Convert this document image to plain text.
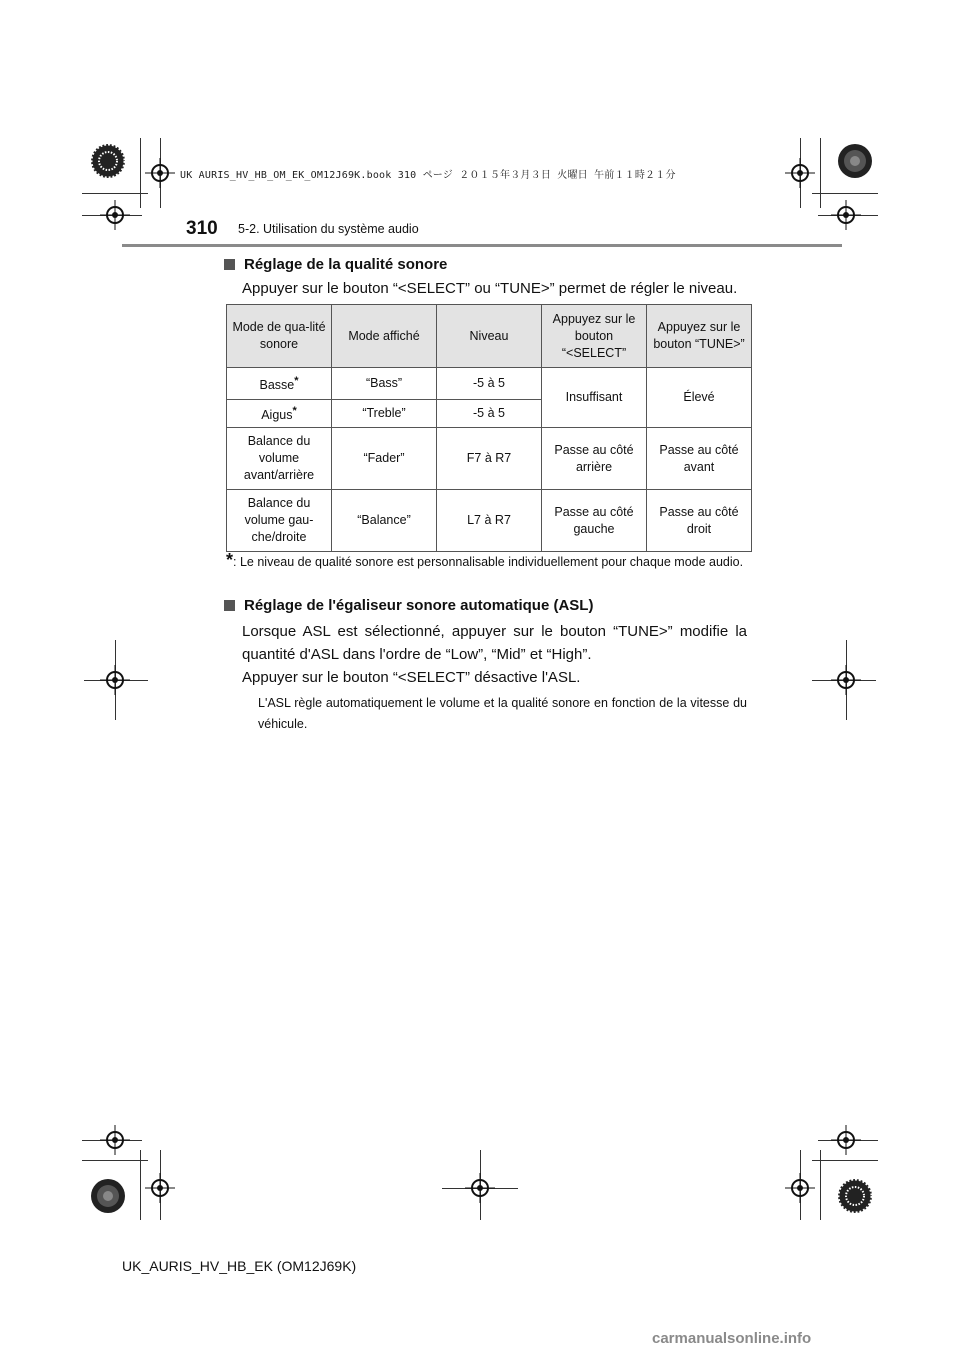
UK AURIS_HV_HB_OM_EK_OM12J69K.book 310 ページ ２０１５年３月３日 火曜日 午前１１時２１分
310 5-2. Utilisation du système audio
Réglage de la qualité sonore
Appuyer sur le bouton “<SELECT” ou “TUNE>” permet de régler le niveau.
Mode de qua-lité sonore	Mode affiché	Niveau	Appuyez sur le bouton “<SELECT”	Appuyez sur le bouton “TUNE>”
Basse*	“Bass”	-5 à 5	Insuffisant	Élevé
Aigus*	“Treble”	-5 à 5		
Balance du volume avant/arrière	“Fader”	F7 à R7	Passe au côté arrière	Passe au côté avant
Balance du volume gau-che/droite	“Balance”	L7 à R7	Passe au côté gauche	Passe au côté droit
*: Le niveau de qualité sonore est personnalisable individuellement pour chaque mode audio.
Réglage de l'égaliseur sonore automatique (ASL)
Lorsque ASL est sélectionné, appuyer sur le bouton “TUNE>” modifie la quantité d'ASL dans l'ordre de “Low”, “Mid” et “High”.
Appuyer sur le bouton “<SELECT” désactive l'ASL.
L'ASL règle automatiquement le volume et la qualité sonore en fonction de la vitesse du véhicule.
UK_AURIS_HV_HB_EK (OM12J69K)
carmanualsonline.info
